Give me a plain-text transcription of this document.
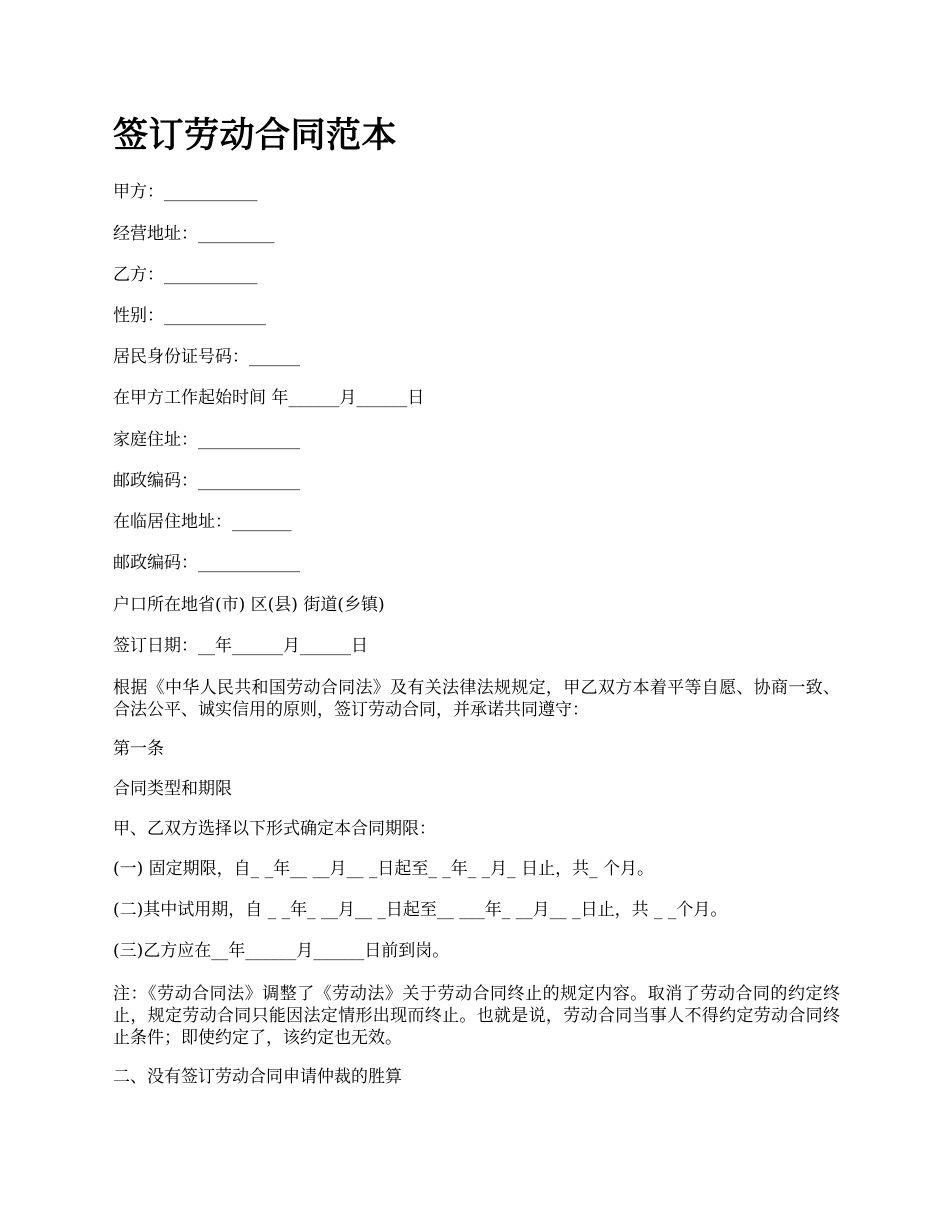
签订劳动合同范本
甲方：___________
经营地址：_________
乙方：___________
性别：____________
居民身份证号码：______
在甲方工作起始时间 年______月______日
家庭住址：____________
邮政编码：____________
在临居住地址：_______
邮政编码：____________
户口所在地省(市) 区(县) 街道(乡镇)
签订日期：__年______月______日
根据《中华人民共和国劳动合同法》及有关法律法规规定，甲乙双方本着平等自愿、协商一致、合法公平、诚实信用的原则，签订劳动合同，并承诺共同遵守：
第一条
合同类型和期限
甲、乙双方选择以下形式确定本合同期限：
(一) 固定期限，自_ _年__ __月__ _日起至_ _年_ _月_ 日止，共_ 个月。
(二)其中试用期，自 _ _年_ __月__ _日起至__ ___年_ __月__ _日止，共 _ _个月。
(三)乙方应在__年______月______日前到岗。
注：《劳动合同法》调整了《劳动法》关于劳动合同终止的规定内容。取消了劳动合同的约定终止，规定劳动合同只能因法定情形出现而终止。也就是说，劳动合同当事人不得约定劳动合同终止条件；即使约定了，该约定也无效。
二、没有签订劳动合同申请仲裁的胜算
